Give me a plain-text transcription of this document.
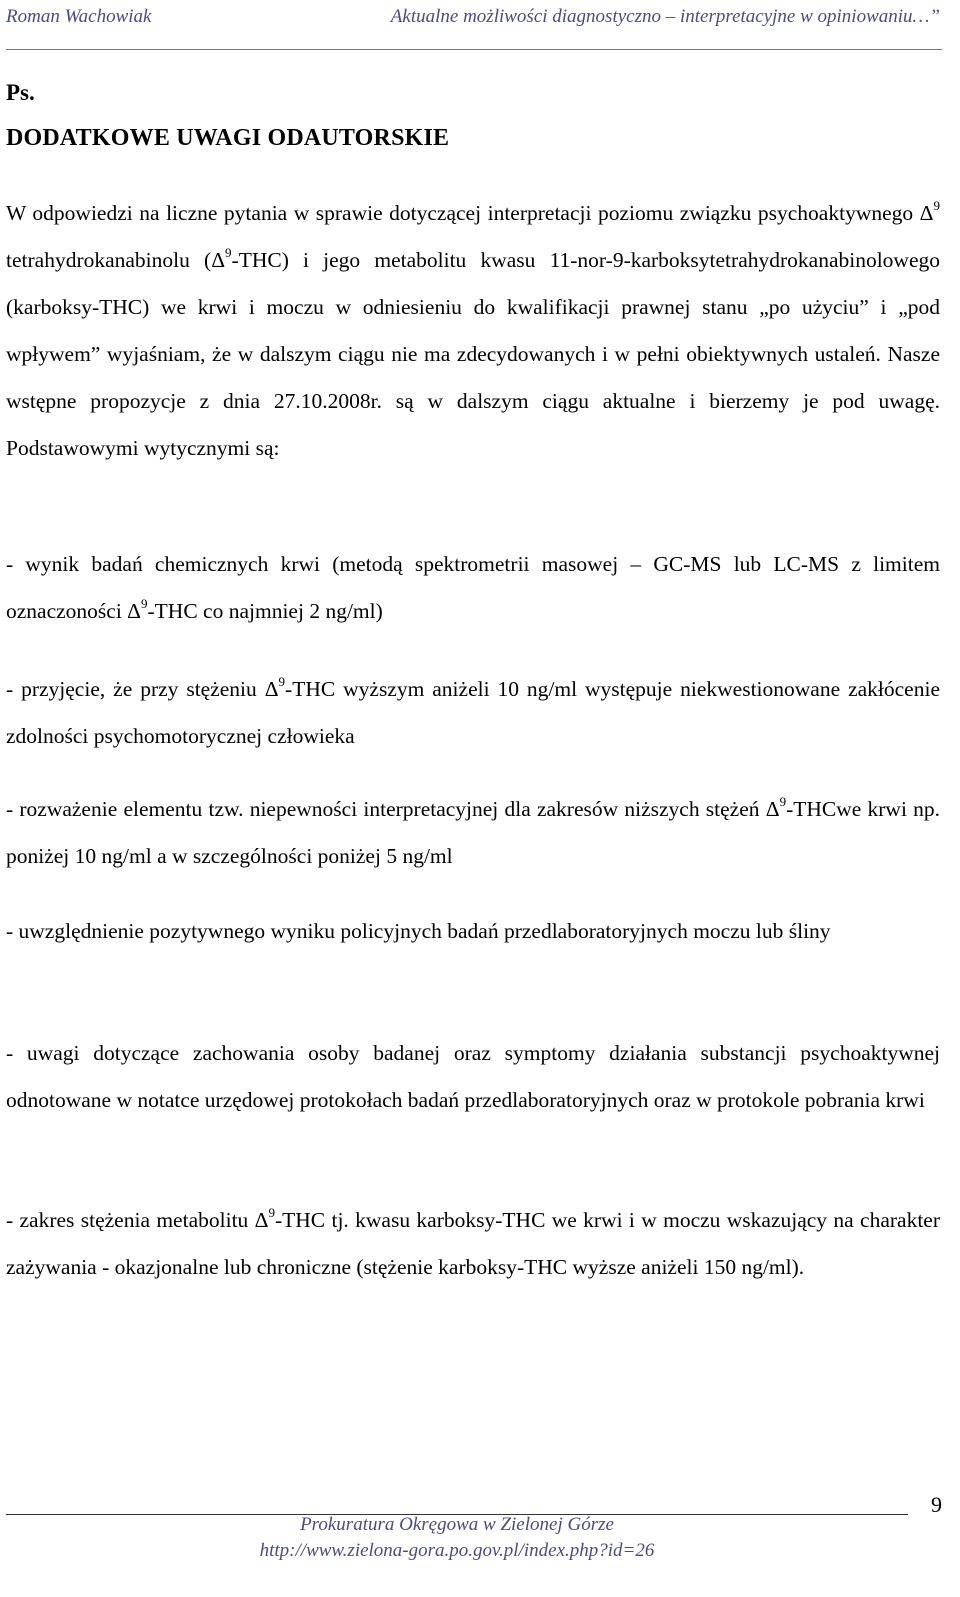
Roman Wachowiak	Aktualne możliwości diagnostyczno – interpretacyjne w opiniowaniu…”
Ps.
DODATKOWE UWAGI ODAUTORSKIE

W odpowiedzi na liczne pytania w sprawie dotyczącej interpretacji poziomu związku psychoaktywnego $\Delta^9$ tetrahydrokanabinolu $(\Delta^9-THC)$ i jego metabolitu kwasu 11-nor-9-karboksytetrahydrokanabinolowego (karboksy-THC) we krwi i moczu w odniesieniu do kwalifikacji prawnej stanu „po użyciu” i „pod wpływem” wyjaśniam, że w dalszym ciągu nie ma zdecydowanych i w pełni obiektywnych ustaleń. Nasze wstępne propozycje z dnia 27.10.2008r. są w dalszym ciągu aktualne i bierzemy je pod uwagę. Podstawowymi wytycznymi są:

- wynik badań chemicznych krwi (metodą spektrometrii masowej – GC-MS lub LC-MS z limitem oznaczoności $\Delta^9$-THC co najmniej 2 ng/ml)

- przyjęcie, że przy stężeniu $\Delta^9$-THC wyższym aniżeli 10 ng/ml występuje niekwestionowane zakłócenie zdolności psychomotorycznej człowieka

- rozważenie elementu tzw. niepewności interpretacyjnej dla zakresów niższych stężeń $\Delta^9$-THCwe krwi np. poniżej 10 ng/ml a w szczególności poniżej 5 ng/ml

- uwzględnienie pozytywnego wyniku policyjnych badań przedlaboratoryjnych moczu lub śliny

- uwagi dotyczące zachowania osoby badanej oraz symptomy działania substancji psychoaktywnej odnotowane w notatce urzędowej protokołach badań przedlaboratoryjnych oraz w protokole pobrania krwi

- zakres stężenia metabolitu $\Delta^9$-THC tj. kwasu karboksy-THC we krwi i w moczu wskazujący na charakter zażywania - okazjonalne lub chroniczne (stężenie karboksy-THC wyższe aniżeli 150 ng/ml).

9
Prokuratura Okręgowa w Zielonej Górze
http://www.zielona-gora.po.gov.pl/index.php?id=26
